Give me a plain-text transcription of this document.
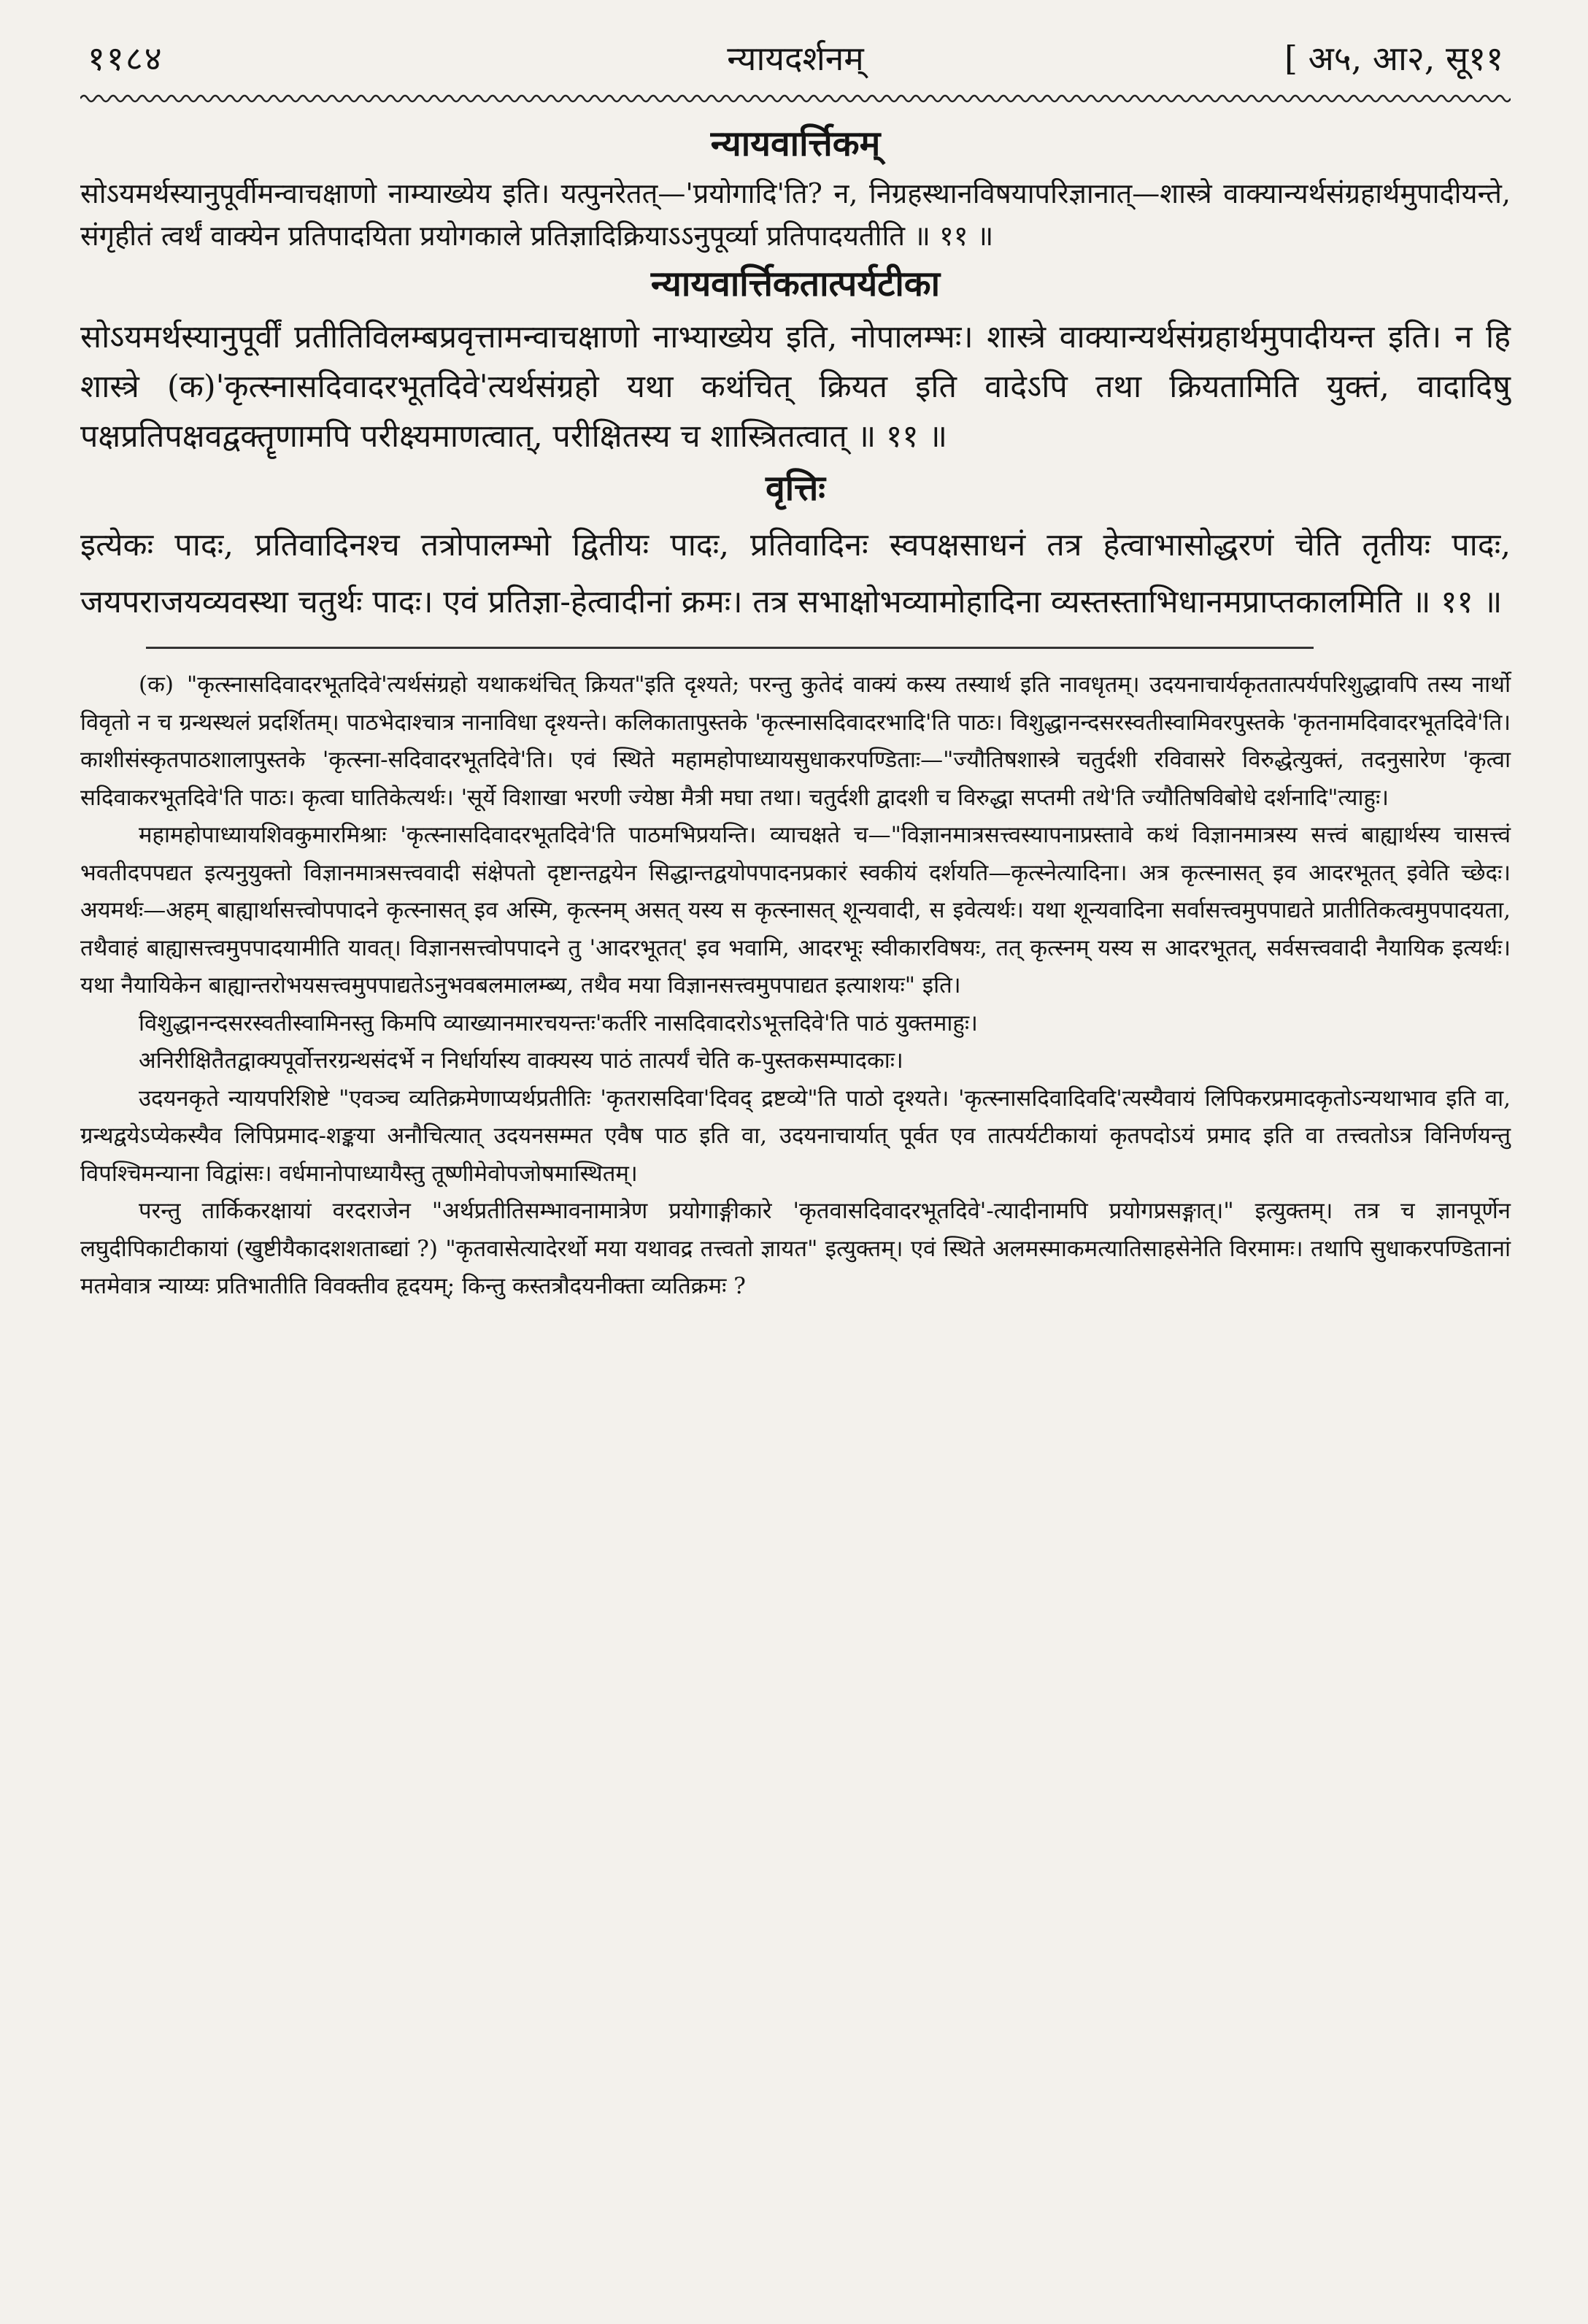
११८४	न्यायदर्शनम्	[ अ५, आ२, सू११
न्यायवार्त्तिकम्

सोऽयमर्थस्यानुपूर्वीमन्वाचक्षाणो नाम्याख्येय इति। यत्पुनरेतत्—'प्रयोगादि'ति? न, निग्रहस्थानविषयापरिज्ञानात्—शास्त्रे वाक्यान्यर्थसंग्रहार्थमुपादीयन्ते, संगृहीतं त्वर्थं वाक्येन प्रतिपादयिता प्रयोगकाले प्रतिज्ञादिक्रियाऽऽनुपूर्व्या प्रतिपादयतीति ॥ ११ ॥

न्यायवार्त्तिकतात्पर्यटीका

सोऽयमर्थस्यानुपूर्वीं प्रतीतिविलम्बप्रवृत्तामन्वाचक्षाणो नाभ्याख्येय इति, नोपालम्भः। शास्त्रे वाक्यान्यर्थसंग्रहार्थमुपादीयन्त इति। न हि शास्त्रे (क)'कृत्स्नासदिवादरभूतदिवे'त्यर्थसंग्रहो यथा कथंचित् क्रियत इति वादेऽपि तथा क्रियतामिति युक्तं, वादादिषु पक्षप्रतिपक्षवद्वक्तॄणामपि परीक्ष्यमाणत्वात्, परीक्षितस्य च शास्त्रितत्वात् ॥ ११ ॥

वृत्तिः

इत्येकः पादः, प्रतिवादिनश्च तत्रोपालम्भो द्वितीयः पादः, प्रतिवादिनः स्वपक्षसाधनं तत्र हेत्वाभासोद्धरणं चेति तृतीयः पादः, जयपराजयव्यवस्था चतुर्थः पादः। एवं प्रतिज्ञा-हेत्वादीनां क्रमः। तत्र सभाक्षोभव्यामोहादिना व्यस्तस्ताभिधानमप्राप्तकालमिति ॥ ११ ॥

(क) "कृत्स्नासदिवादरभूतदिवे'त्यर्थसंग्रहो यथाकथंचित् क्रियत"इति दृश्यते; परन्तु कुतेदं वाक्यं कस्य तस्यार्थ इति नावधृतम्। उदयनाचार्यकृततात्पर्यपरिशुद्धावपि तस्य नार्थो विवृतो न च ग्रन्थस्थलं प्रदर्शितम्। पाठभेदाश्चात्र नानाविधा दृश्यन्ते। कलिकातापुस्तके 'कृत्स्नासदिवादरभादि'ति पाठः। विशुद्धानन्दसरस्वतीस्वामिवरपुस्तके 'कृतनामदिवादरभूतदिवे'ति। काशीसंस्कृतपाठशालापुस्तके 'कृत्स्ना-सदिवादरभूतदिवे'ति। एवं स्थिते महामहोपाध्यायसुधाकरपण्डिताः—"ज्यौतिषशास्त्रे चतुर्दशी रविवासरे विरुद्धेत्युक्तं, तदनुसारेण 'कृत्वा सदिवाकरभूतदिवे'ति पाठः। कृत्वा घातिकेत्यर्थः। 'सूर्ये विशाखा भरणी ज्येष्ठा मैत्री मघा तथा। चतुर्दशी द्वादशी च विरुद्धा सप्तमी तथे'ति ज्यौतिषविबोधे दर्शनादि"त्याहुः।

महामहोपाध्यायशिवकुमारमिश्राः 'कृत्स्नासदिवादरभूतदिवे'ति पाठमभिप्रयन्ति। व्याचक्षते च—"विज्ञानमात्रसत्त्वस्यापनाप्रस्तावे कथं विज्ञानमात्रस्य सत्त्वं बाह्यार्थस्य चासत्त्वं भवतीदपपद्यत इत्यनुयुक्तो विज्ञानमात्रसत्त्ववादी संक्षेपतो दृष्टान्तद्वयेन सिद्धान्तद्वयोपपादनप्रकारं स्वकीयं दर्शयति—कृत्स्नेत्यादिना। अत्र कृत्स्नासत् इव आदरभूतत् इवेति च्छेदः। अयमर्थः—अहम् बाह्यार्थासत्त्वोपपादने कृत्स्नासत् इव अस्मि, कृत्स्नम् असत् यस्य स कृत्स्नासत् शून्यवादी, स इवेत्यर्थः। यथा शून्यवादिना सर्वासत्त्वमुपपाद्यते प्रातीतिकत्वमुपपादयता, तथैवाहं बाह्यासत्त्वमुपपादयामीति यावत्। विज्ञानसत्त्वोपपादने तु 'आदरभूतत्' इव भवामि, आदरभूः स्वीकारविषयः, तत् कृत्स्नम् यस्य स आदरभूतत्, सर्वसत्त्ववादी नैयायिक इत्यर्थः। यथा नैयायिकेन बाह्यान्तरोभयसत्त्वमुपपाद्यतेऽनुभवबलमालम्ब्य, तथैव मया विज्ञानसत्त्वमुपपाद्यत इत्याशयः" इति।

विशुद्धानन्दसरस्वतीस्वामिनस्तु किमपि व्याख्यानमारचयन्तः'कर्तरि नासदिवादरोऽभूत्तदिवे'ति पाठं युक्तमाहुः।

अनिरीक्षितैतद्वाक्यपूर्वोत्तरग्रन्थसंदर्भे न निर्धार्यास्य वाक्यस्य पाठं तात्पर्यं चेति क-पुस्तकसम्पादकाः।

उदयनकृते न्यायपरिशिष्टे "एवञ्च व्यतिक्रमेणाप्यर्थप्रतीतिः 'कृतरासदिवा'दिवद् द्रष्टव्ये"ति पाठो दृश्यते। 'कृत्स्नासदिवादिवदि'त्यस्यैवायं लिपिकरप्रमादकृतोऽन्यथाभाव इति वा, ग्रन्थद्वयेऽप्येकस्यैव लिपिप्रमाद-शङ्कया अनौचित्यात् उदयनसम्मत एवैष पाठ इति वा, उदयनाचार्यात् पूर्वत एव तात्पर्यटीकायां कृतपदोऽयं प्रमाद इति वा तत्त्वतोऽत्र विनिर्णयन्तु विपश्चिमन्याना विद्वांसः। वर्धमानोपाध्यायैस्तु तूष्णीमेवोपजोषमास्थितम्।

परन्तु तार्किकरक्षायां वरदराजेन "अर्थप्रतीतिसम्भावनामात्रेण प्रयोगाङ्गीकारे 'कृतवासदिवादरभूतदिवे'-त्यादीनामपि प्रयोगप्रसङ्गात्।" इत्युक्तम्। तत्र च ज्ञानपूर्णेन लघुदीपिकाटीकायां (खुष्टीयैकादशशताब्द्यां ?) "कृतवासेत्यादेरर्थो मया यथावद्र तत्त्वतो ज्ञायत" इत्युक्तम्। एवं स्थिते अलमस्माकमत्यातिसाहसेनेति विरमामः। तथापि सुधाकरपण्डितानां मतमेवात्र न्याय्यः प्रतिभातीति विवक्तीव हृदयम्; किन्तु कस्तत्रौदयनीक्ता व्यतिक्रमः ?
